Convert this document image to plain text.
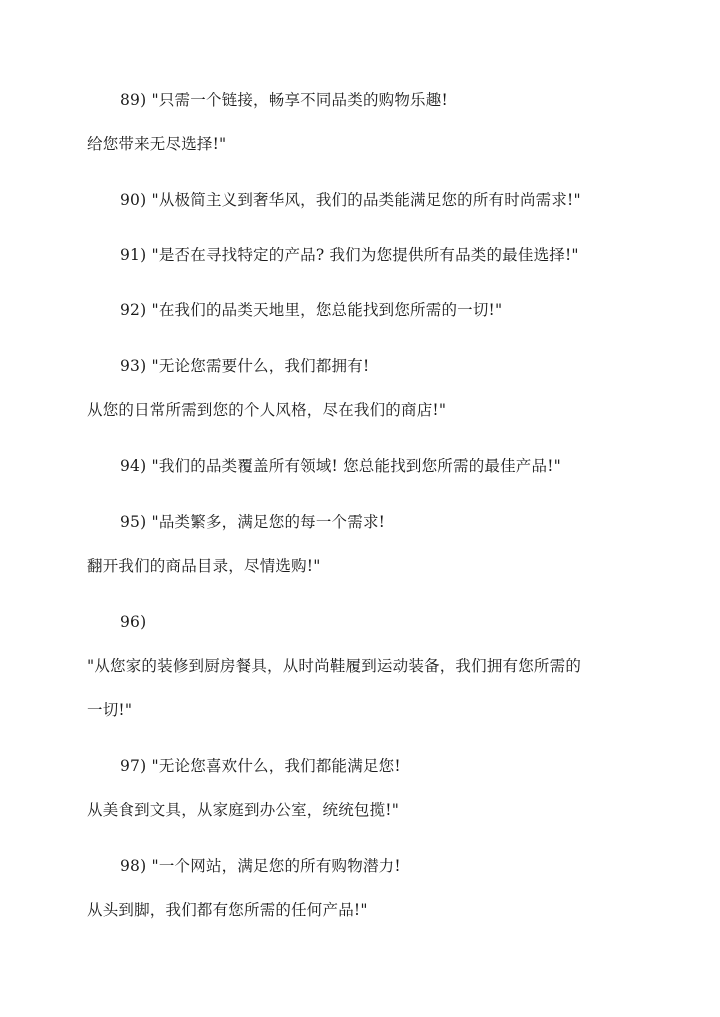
89) "只需一个链接，畅享不同品类的购物乐趣!
给您带来无尽选择!"
90) "从极简主义到奢华风，我们的品类能满足您的所有时尚需求!"
91) "是否在寻找特定的产品? 我们为您提供所有品类的最佳选择!"
92) "在我们的品类天地里，您总能找到您所需的一切!"
93) "无论您需要什么，我们都拥有!
从您的日常所需到您的个人风格，尽在我们的商店!"
94) "我们的品类覆盖所有领域! 您总能找到您所需的最佳产品!"
95) "品类繁多，满足您的每一个需求!
翻开我们的商品目录，尽情选购!"
96)
"从您家的装修到厨房餐具，从时尚鞋履到运动装备，我们拥有您所需的
一切!"
97) "无论您喜欢什么，我们都能满足您!
从美食到文具，从家庭到办公室，统统包揽!"
98) "一个网站，满足您的所有购物潜力!
从头到脚，我们都有您所需的任何产品!"
